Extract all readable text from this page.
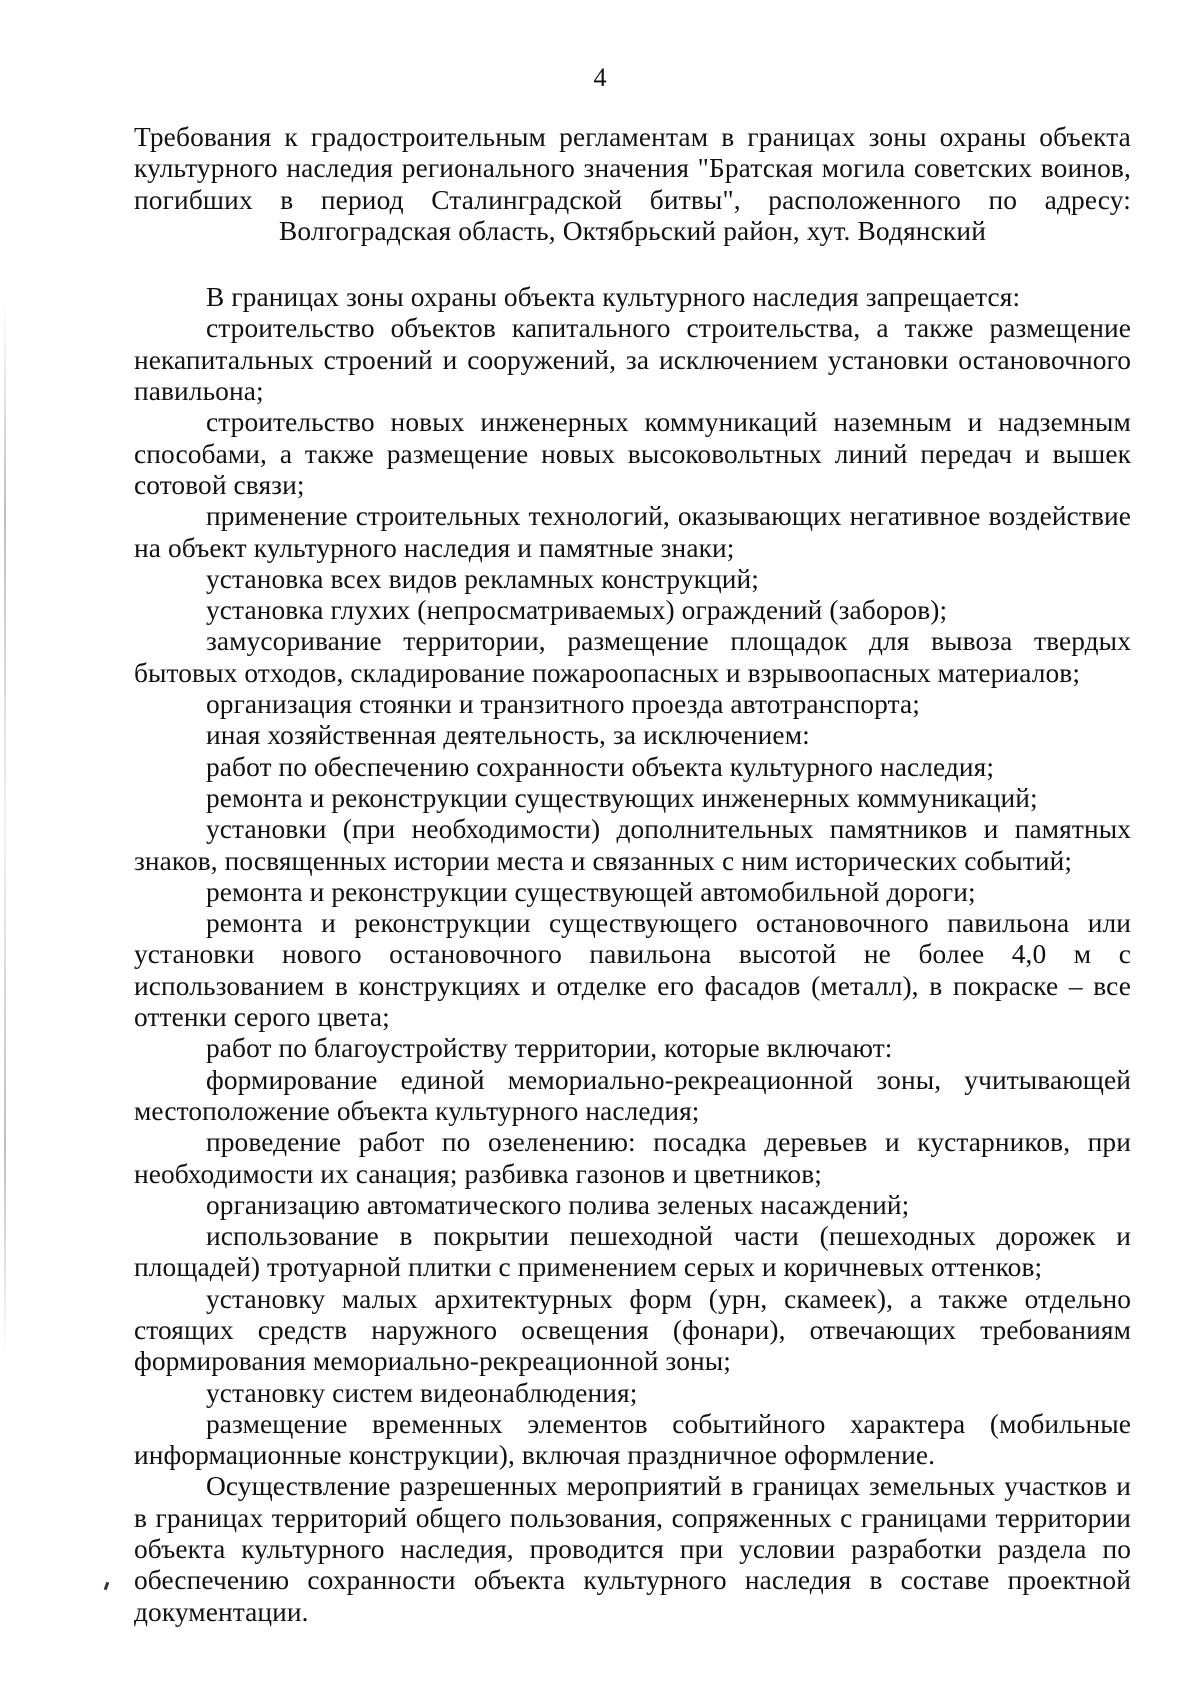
4
Требования к градостроительным регламентам в границах зоны охраны объекта культурного наследия регионального значения "Братская могила советских воинов, погибших в период Сталинградской битвы", расположенного по адресу: Волгоградская область, Октябрьский район, хут. Водянский

В границах зоны охраны объекта культурного наследия запрещается:

строительство объектов капитального строительства, а также размещение некапитальных строений и сооружений, за исключением установки остановочного павильона;

строительство новых инженерных коммуникаций наземным и надземным способами, а также размещение новых высоковольтных линий передач и вышек сотовой связи;

применение строительных технологий, оказывающих негативное воздействие на объект культурного наследия и памятные знаки;

установка всех видов рекламных конструкций;

установка глухих (непросматриваемых) ограждений (заборов);

замусоривание территории, размещение площадок для вывоза твердых бытовых отходов, складирование пожароопасных и взрывоопасных материалов;

организация стоянки и транзитного проезда автотранспорта;

иная хозяйственная деятельность, за исключением:

работ по обеспечению сохранности объекта культурного наследия;

ремонта и реконструкции существующих инженерных коммуникаций;

установки (при необходимости) дополнительных памятников и памятных знаков, посвященных истории места и связанных с ним исторических событий;

ремонта и реконструкции существующей автомобильной дороги;

ремонта и реконструкции существующего остановочного павильона или установки нового остановочного павильона высотой не более 4,0 м с использованием в конструкциях и отделке его фасадов (металл), в покраске – все оттенки серого цвета;

работ по благоустройству территории, которые включают:

формирование единой мемориально-рекреационной зоны, учитывающей местоположение объекта культурного наследия;

проведение работ по озеленению: посадка деревьев и кустарников, при необходимости их санация; разбивка газонов и цветников;

организацию автоматического полива зеленых насаждений;

использование в покрытии пешеходной части (пешеходных дорожек и площадей) тротуарной плитки с применением серых и коричневых оттенков;

установку малых архитектурных форм (урн, скамеек), а также отдельно стоящих средств наружного освещения (фонари), отвечающих требованиям формирования мемориально-рекреационной зоны;

установку систем видеонаблюдения;

размещение временных элементов событийного характера (мобильные информационные конструкции), включая праздничное оформление.

Осуществление разрешенных мероприятий в границах земельных участков и в границах территорий общего пользования, сопряженных с границами территории объекта культурного наследия, проводится при условии разработки раздела по обеспечению сохранности объекта культурного наследия в составе проектной документации.
